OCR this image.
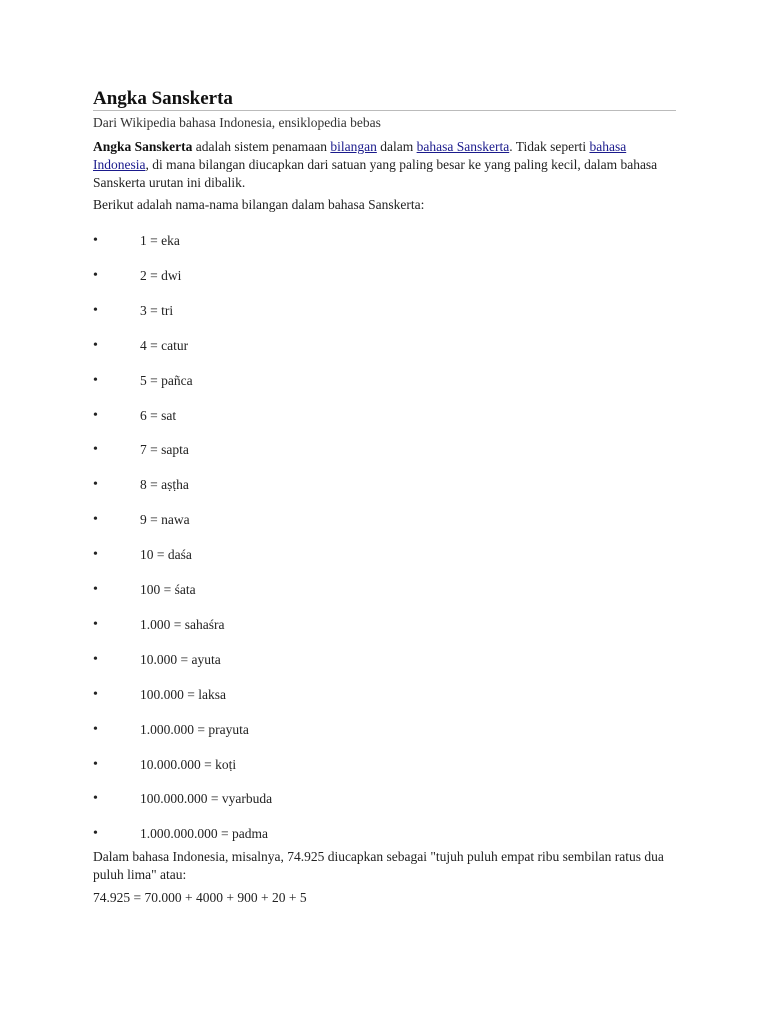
Angka Sanskerta

Dari Wikipedia bahasa Indonesia, ensiklopedia bebas

Angka Sanskerta adalah sistem penamaan bilangan dalam bahasa Sanskerta. Tidak seperti bahasa Indonesia, di mana bilangan diucapkan dari satuan yang paling besar ke yang paling kecil, dalam bahasa Sanskerta urutan ini dibalik.

Berikut adalah nama-nama bilangan dalam bahasa Sanskerta:

•	1 = eka
•	2 = dwi
•	3 = tri
•	4 = catur
•	5 = pañca
•	6 = sat
•	7 = sapta
•	8 = aṣṭha
•	9 = nawa
•	10 = daśa
•	100 = śata
•	1.000 = sahaśra
•	10.000 = ayuta
•	100.000 = laksa
•	1.000.000 = prayuta
•	10.000.000 = koṭi
•	100.000.000 = vyarbuda
•	1.000.000.000 = padma

Dalam bahasa Indonesia, misalnya, 74.925 diucapkan sebagai "tujuh puluh empat ribu sembilan ratus dua puluh lima" atau:

74.925 = 70.000 + 4000 + 900 + 20 + 5
